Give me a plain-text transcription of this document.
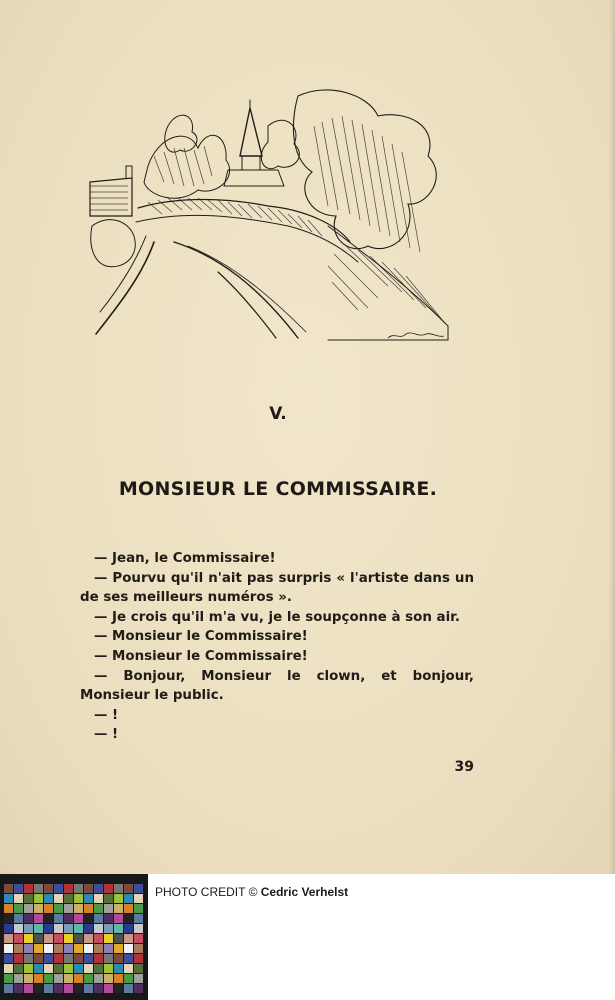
V.
MONSIEUR LE COMMISSAIRE.

— Jean, le Commissaire!

— Pourvu qu'il n'ait pas surpris « l'artiste dans un de ses meilleurs numéros ».

— Je crois qu'il m'a vu, je le soupçonne à son air.

— Monsieur le Commissaire!

— Monsieur le Commissaire!

— Bonjour, Monsieur le clown, et bonjour, Monsieur le public.

— !

— !

39
PHOTO CREDIT © Cedric Verhelst
